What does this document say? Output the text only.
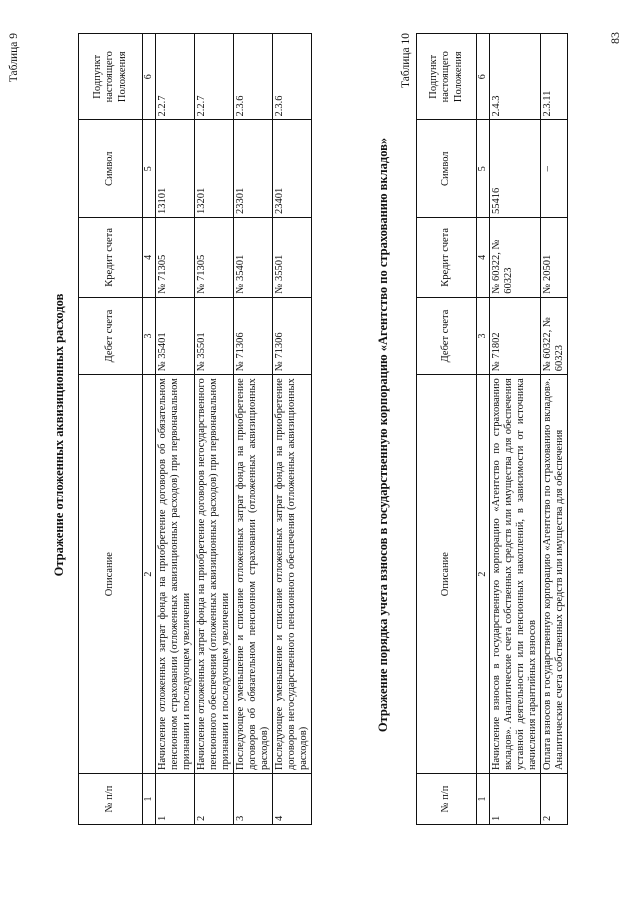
Таблица 9
Отражение отложенных аквизиционных расходов
№ п/п	Описание	Дебет счета	Кредит счета	Символ	Подпункт настоящего Положения
1	2	3	4	5	6
1	Начисление отложенных затрат фонда на приобретение договоров об обязательном пенсионном страховании (отложенных аквизиционных расходов) при первоначальном признании и последующем увеличении	№ 35401	№ 71305	13101	2.2.7
2	Начисление отложенных затрат фонда на приобретение договоров негосударственного пенсионного обеспечения (отложенных аквизиционных расходов) при первоначальном признании и последующем увеличении	№ 35501	№ 71305	13201	2.2.7
3	Последующее уменьшение и списание отложенных затрат фонда на приобретение договоров об обязательном пенсионном страховании (отложенных аквизиционных расходов)	№ 71306	№ 35401	23301	2.3.6
4	Последующее уменьшение и списание отложенных затрат фонда на приобретение договоров негосударственного пенсионного обеспечения (отложенных аквизиционных расходов)	№ 71306	№ 35501	23401	2.3.6
Таблица 10
Отражение порядка учета взносов в государственную корпорацию «Агентство по страхованию вкладов»
№ п/п	Описание	Дебет счета	Кредит счета	Символ	Подпункт настоящего Положения
1	2	3	4	5	6
1	Начисление взносов в государственную корпорацию «Агентство по страхованию вкладов». Аналитические счета собственных средств или имущества для обеспечения уставной деятельности или пенсионных накоплений, в зависимости от источника начисления гарантийных взносов	№ 71802	№ 60322, № 60323	55416	2.4.3
2	Оплата взносов в государственную корпорацию «Агентство по страхованию вкладов». Аналитические счета собственных средств или имущества для обеспечения	№ 60322, № 60323	№ 20501	–	2.3.11
83
